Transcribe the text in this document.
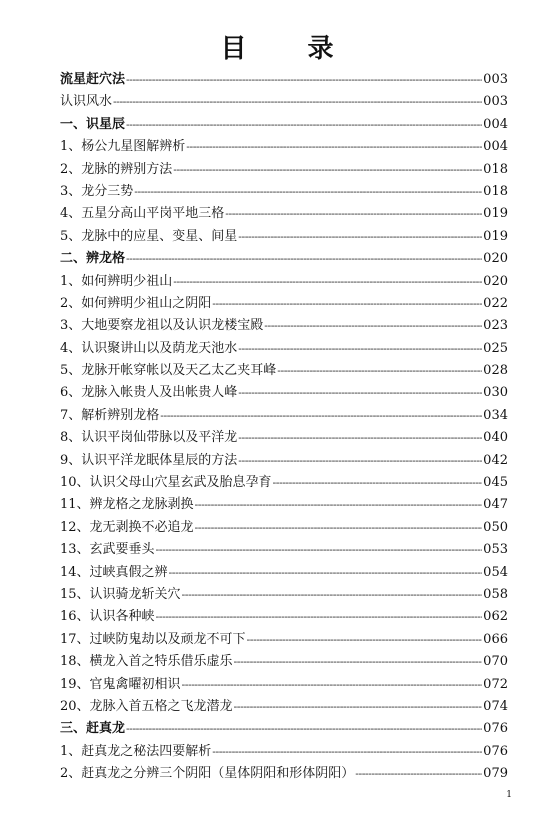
目 录
流星赶穴法 -----	003
认识风水 -----	003
一、识星辰 -----	004
1、杨公九星图解辨析 -----	004
2、龙脉的辨别方法 -----	018
3、龙分三势 -----	018
4、五星分高山平岗平地三格 -----	019
5、龙脉中的应星、变星、间星 -----	019
二、辨龙格 -----	020
1、如何辨明少祖山 -----	020
2、如何辨明少祖山之阴阳 -----	022
3、大地要察龙祖以及认识龙楼宝殿 -----	023
4、认识聚讲山以及荫龙天池水 -----	025
5、龙脉开帐穿帐以及天乙太乙夹耳峰 -----	028
6、龙脉入帐贵人及出帐贵人峰 -----	030
7、解析辨别龙格 -----	034
8、认识平岗仙带脉以及平洋龙 -----	040
9、认识平洋龙眠体星辰的方法 -----	042
10、认识父母山穴星玄武及胎息孕育 -----	045
11、辨龙格之龙脉剥换 -----	047
12、龙无剥换不必追龙 -----	050
13、玄武要垂头 -----	053
14、过峡真假之辨 -----	054
15、认识骑龙斩关穴 -----	058
16、认识各种峡 -----	062
17、过峡防鬼劫以及顽龙不可下 -----	066
18、横龙入首之特乐借乐虚乐 -----	070
19、官鬼禽曜初相识 -----	072
20、龙脉入首五格之飞龙潜龙 -----	074
三、赶真龙 -----	076
1、赶真龙之秘法四要解析 -----	076
2、赶真龙之分辨三个阴阳（星体阴阳和形体阴阳） -----	079
1
